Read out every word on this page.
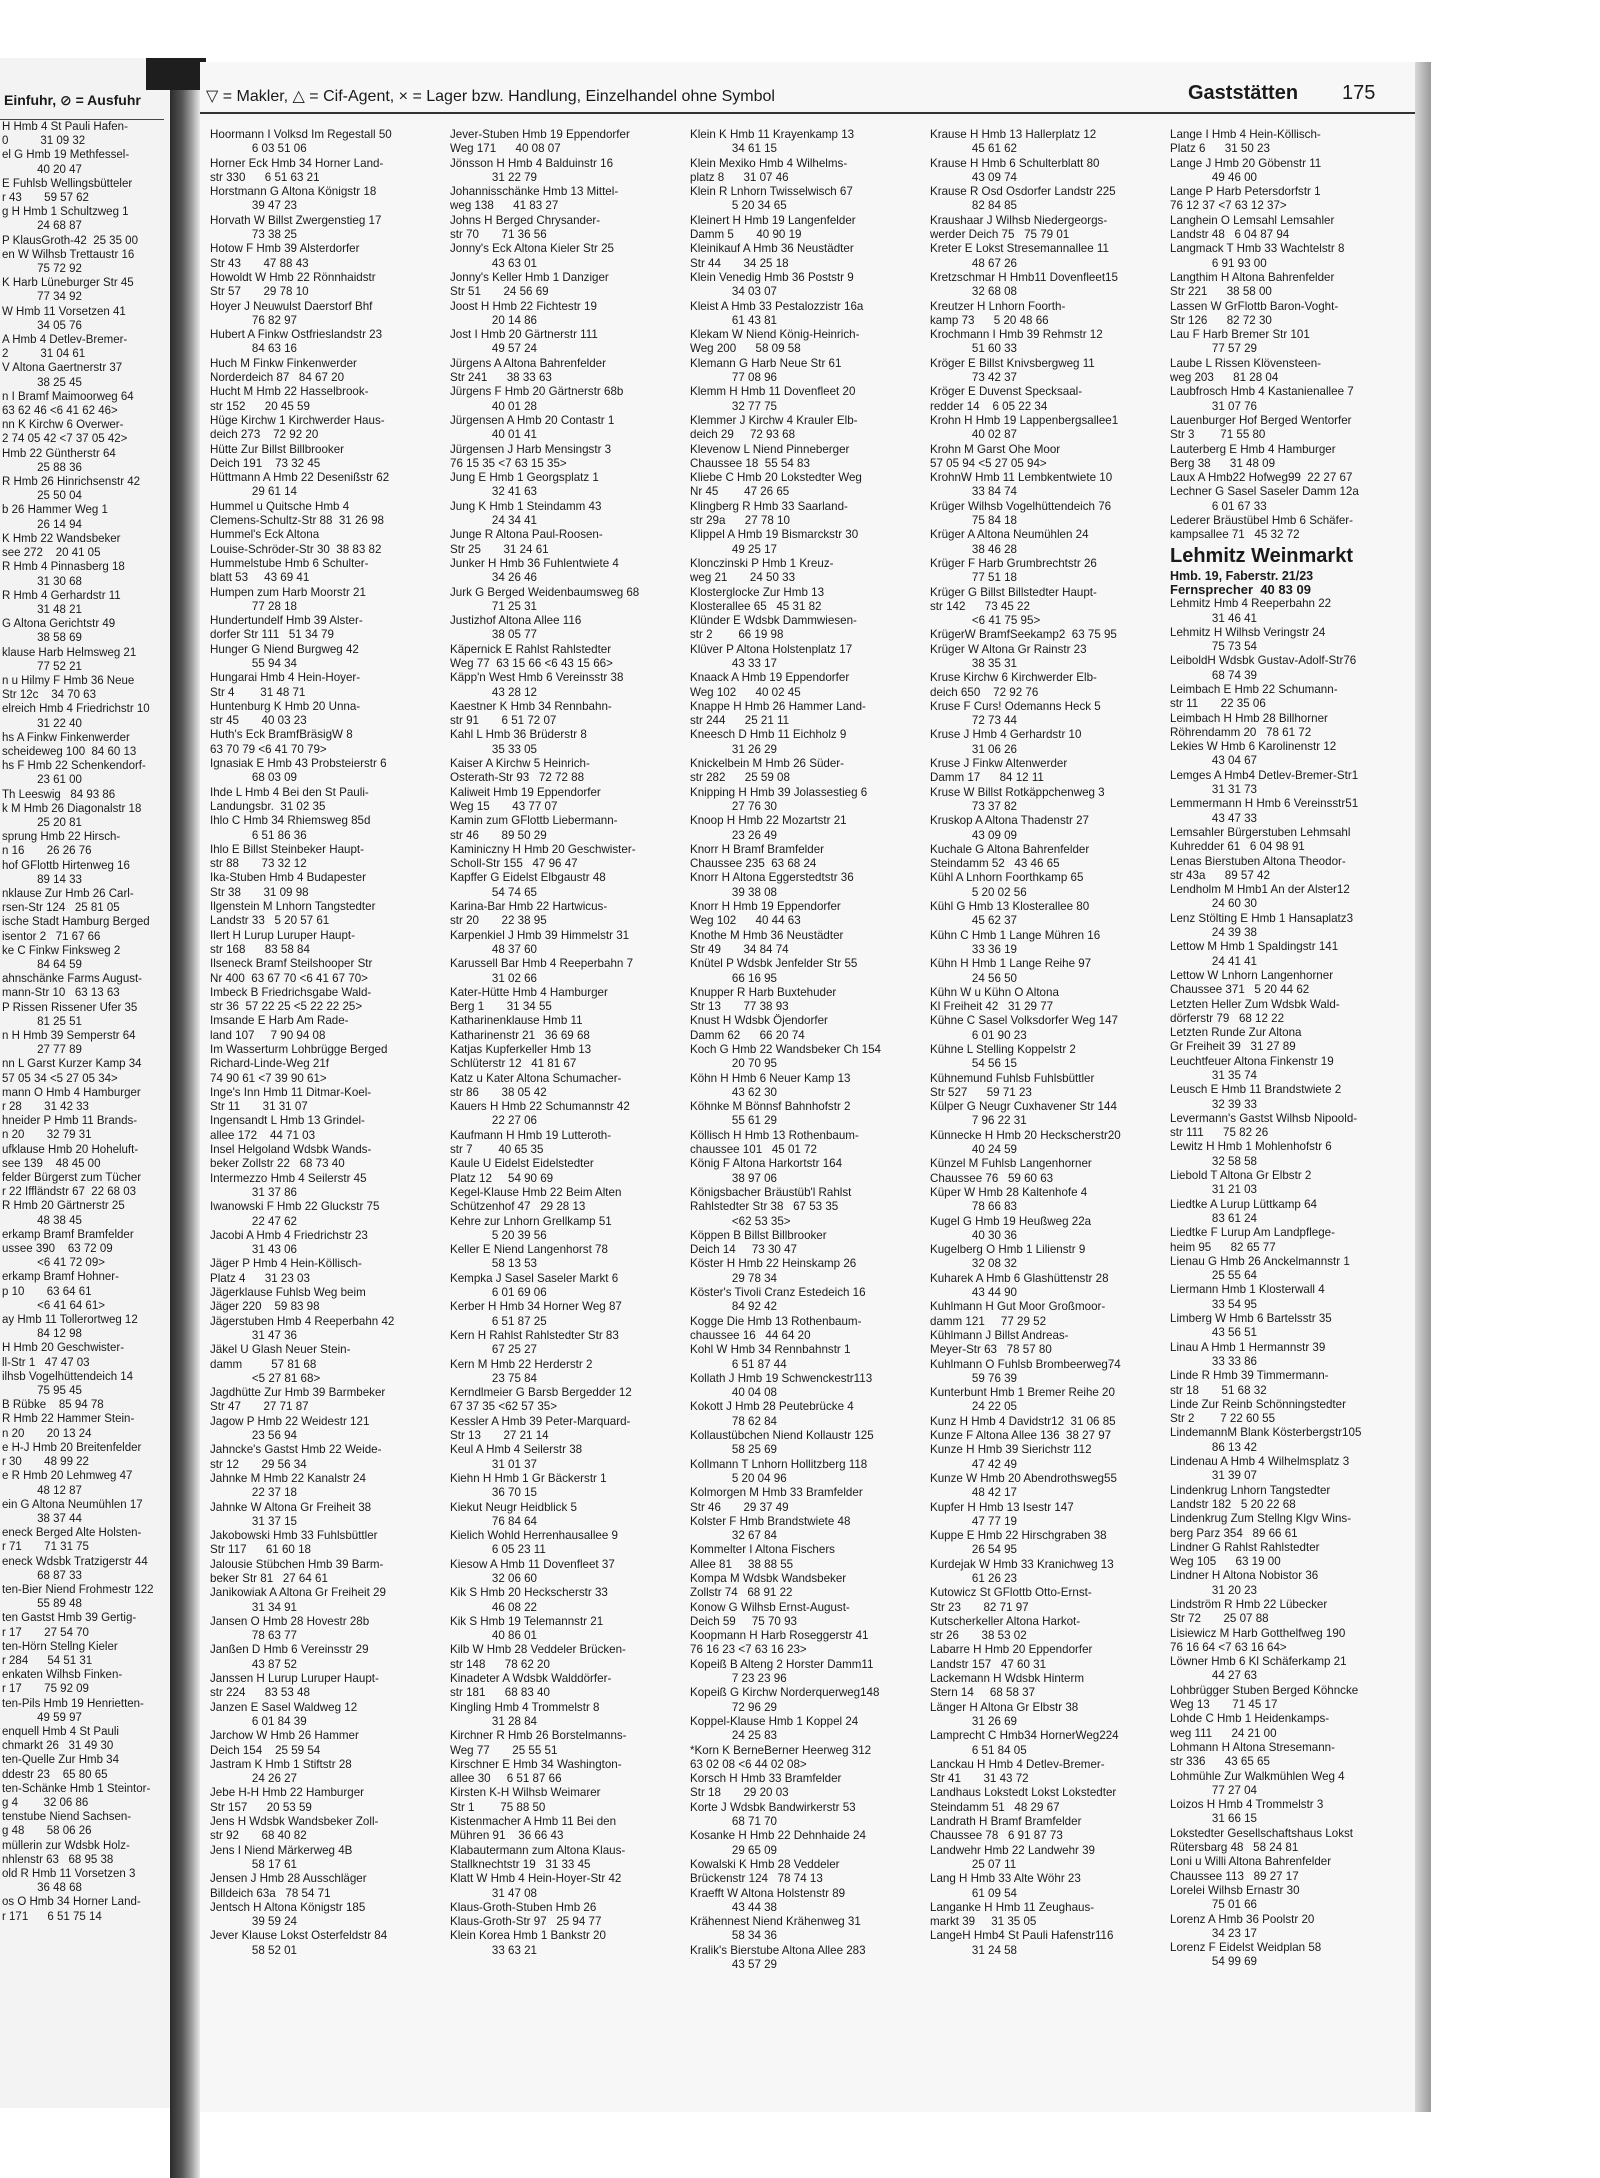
Einfuhr, ⊘ = Ausfuhr
H Hmb 4 St Pauli Hafen-
0          31 09 32
el G Hmb 19 Methfessel-
40 20 47
E Fuhlsb Wellingsbütteler
r 43       59 57 62
g H Hmb 1 Schultzweg 1
24 68 87
P KlausGroth-42  25 35 00
en W Wilhsb Trettaustr 16
75 72 92
K Harb Lüneburger Str 45
77 34 92
W Hmb 11 Vorsetzen 41
34 05 76
A Hmb 4 Detlev-Bremer-
2          31 04 61
V Altona Gaertnerstr 37
38 25 45
n I Bramf Maimoorweg 64
63 62 46 <6 41 62 46>
nn K Kirchw 6 Overwer-
2 74 05 42 <7 37 05 42>
Hmb 22 Güntherstr 64
25 88 36
R Hmb 26 Hinrichsenstr 42
25 50 04
b 26 Hammer Weg 1
26 14 94
K Hmb 22 Wandsbeker
see 272    20 41 05
R Hmb 4 Pinnasberg 18
31 30 68
R Hmb 4 Gerhardstr 11
31 48 21
G Altona Gerichtstr 49
38 58 69
klause Harb Helmsweg 21
77 52 21
n u Hilmy F Hmb 36 Neue
Str 12c    34 70 63
elreich Hmb 4 Friedrichstr 10
31 22 40
hs A Finkw Finkenwerder
scheideweg 100  84 60 13
hs F Hmb 22 Schenkendorf-
23 61 00
Th Leeswig   84 93 86
k M Hmb 26 Diagonalstr 18
25 20 81
sprung Hmb 22 Hirsch-
n 16       26 26 76
hof GFlottb Hirtenweg 16
89 14 33
nklause Zur Hmb 26 Carl-
rsen-Str 124   25 81 05
ische Stadt Hamburg Berged
isentor 2   71 67 66
ke C Finkw Finksweg 2
84 64 59
ahnschänke Farms August-
mann-Str 10   63 13 63
P Rissen Rissener Ufer 35
81 25 51
n H Hmb 39 Semperstr 64
27 77 89
nn L Garst Kurzer Kamp 34
57 05 34 <5 27 05 34>
mann O Hmb 4 Hamburger
r 28       31 42 33
hneider P Hmb 11 Brands-
n 20       32 79 31
ufklause Hmb 20 Hoheluft-
see 139    48 45 00
felder Bürgerst zum Tücher
r 22 Iffländstr 67  22 68 03
R Hmb 20 Gärtnerstr 25
48 38 45
erkamp Bramf Bramfelder
ussee 390    63 72 09
<6 41 72 09>
erkamp Bramf Hohner-
p 10       63 64 61
<6 41 64 61>
ay Hmb 11 Tollerortweg 12
84 12 98
H Hmb 20 Geschwister-
ll-Str 1   47 47 03
ilhsb Vogelhüttendeich 14
75 95 45
B Rübke    85 94 78
R Hmb 22 Hammer Stein-
n 20       20 13 24
e H-J Hmb 20 Breitenfelder
r 30       48 99 22
e R Hmb 20 Lehmweg 47
48 12 87
ein G Altona Neumühlen 17
38 37 44
eneck Berged Alte Holsten-
r 71       71 31 75
eneck Wdsbk Tratzigerstr 44
68 87 33
ten-Bier Niend Frohmestr 122
55 89 48
ten Gastst Hmb 39 Gertig-
r 17       27 54 70
ten-Hörn Stellng Kieler
r 284      54 51 31
enkaten Wilhsb Finken-
r 17       75 92 09
ten-Pils Hmb 19 Henrietten-
49 59 97
enquell Hmb 4 St Pauli
chmarkt 26   31 49 30
ten-Quelle Zur Hmb 34
ddestr 23    65 80 65
ten-Schänke Hmb 1 Steintor-
g 4        32 06 86
tenstube Niend Sachsen-
g 48       58 06 26
müllerin zur Wdsbk Holz-
nhlenstr 63   68 95 38
old R Hmb 11 Vorsetzen 3
36 48 68
os O Hmb 34 Horner Land-
r 171      6 51 75 14
▽ = Makler, △ = Cif-Agent, × = Lager bzw. Handlung, Einzelhandel ohne Symbol	Gaststätten 175
Hoormann I Volksd Im Regestall 50
6 03 51 06
Horner Eck Hmb 34 Horner Land-
str 330      6 51 63 21
Horstmann G Altona Königstr 18
39 47 23
Horvath W Billst Zwergenstieg 17
73 38 25
Hotow F Hmb 39 Alsterdorfer
Str 43       47 88 43
Howoldt W Hmb 22 Rönnhaidstr
Str 57       29 78 10
Hoyer J Neuwulst Daerstorf Bhf
76 82 97
Hubert A Finkw Ostfrieslandstr 23
84 63 16
Huch M Finkw Finkenwerder
Norderdeich 87   84 67 20
Hucht M Hmb 22 Hasselbrook-
str 152      20 45 59
Hüge Kirchw 1 Kirchwerder Haus-
deich 273    72 92 20
Hütte Zur Billst Billbrooker
Deich 191    73 32 45
Hüttmann A Hmb 22 Desenißstr 62
29 61 14
Hummel u Quitsche Hmb 4
Clemens-Schultz-Str 88  31 26 98
Hummel's Eck Altona
Louise-Schröder-Str 30  38 83 82
Hummelstube Hmb 6 Schulter-
blatt 53     43 69 41
Humpen zum Harb Moorstr 21
77 28 18
Hundertundelf Hmb 39 Alster-
dorfer Str 111   51 34 79
Hunger G Niend Burgweg 42
55 94 34
Hungarai Hmb 4 Hein-Hoyer-
Str 4        31 48 71
Huntenburg K Hmb 20 Unna-
str 45       40 03 23
Huth's Eck BramfBräsigW 8
63 70 79 <6 41 70 79>
Ignasiak E Hmb 43 Probsteierstr 6
68 03 09
Ihde L Hmb 4 Bei den St Pauli-
Landungsbr.  31 02 35
Ihlo C Hmb 34 Rhiemsweg 85d
6 51 86 36
Ihlo E Billst Steinbeker Haupt-
str 88       73 32 12
Ika-Stuben Hmb 4 Budapester
Str 38       31 09 98
Ilgenstein M Lnhorn Tangstedter
Landstr 33   5 20 57 61
Ilert H Lurup Luruper Haupt-
str 168      83 58 84
Ilseneck Bramf Steilshooper Str
Nr 400  63 67 70 <6 41 67 70>
Imbeck B Friedrichsgabe Wald-
str 36  57 22 25 <5 22 22 25>
Imsande E Harb Am Rade-
land 107     7 90 94 08
Im Wasserturm Lohbrügge Berged
Richard-Linde-Weg 21f
74 90 61 <7 39 90 61>
Inge's Inn Hmb 11 Ditmar-Koel-
Str 11       31 31 07
Ingensandt L Hmb 13 Grindel-
allee 172    44 71 03
Insel Helgoland Wdsbk Wands-
beker Zollstr 22   68 73 40
Intermezzo Hmb 4 Seilerstr 45
31 37 86
Iwanowski F Hmb 22 Gluckstr 75
22 47 62
Jacobi A Hmb 4 Friedrichstr 23
31 43 06
Jäger P Hmb 4 Hein-Köllisch-
Platz 4      31 23 03
Jägerklause Fuhlsb Weg beim
Jäger 220    59 83 98
Jägerstuben Hmb 4 Reeperbahn 42
31 47 36
Jäkel U Glash Neuer Stein-
damm         57 81 68
<5 27 81 68>
Jagdhütte Zur Hmb 39 Barmbeker
Str 47       27 71 87
Jagow P Hmb 22 Weidestr 121
23 56 94
Jahncke's Gastst Hmb 22 Weide-
str 12       29 56 34
Jahnke M Hmb 22 Kanalstr 24
22 37 18
Jahnke W Altona Gr Freiheit 38
31 37 15
Jakobowski Hmb 33 Fuhlsbüttler
Str 117      61 60 18
Jalousie Stübchen Hmb 39 Barm-
beker Str 81   27 64 61
Janikowiak A Altona Gr Freiheit 29
31 34 91
Jansen O Hmb 28 Hovestr 28b
78 63 77
Janßen D Hmb 6 Vereinsstr 29
43 87 52
Janssen H Lurup Luruper Haupt-
str 224      83 53 48
Janzen E Sasel Waldweg 12
6 01 84 39
Jarchow W Hmb 26 Hammer
Deich 154    25 59 54
Jastram K Hmb 1 Stiftstr 28
24 26 27
Jebe H-H Hmb 22 Hamburger
Str 157      20 53 59
Jens H Wdsbk Wandsbeker Zoll-
str 92       68 40 82
Jens I Niend Märkerweg 4B
58 17 61
Jensen J Hmb 28 Ausschläger
Billdeich 63a   78 54 71
Jentsch H Altona Königstr 185
39 59 24
Jever Klause Lokst Osterfeldstr 84
58 52 01
Jever-Stuben Hmb 19 Eppendorfer
Weg 171      40 08 07
Jönsson H Hmb 4 Balduinstr 16
31 22 79
Johannisschänke Hmb 13 Mittel-
weg 138      41 83 27
Johns H Berged Chrysander-
str 70       71 36 56
Jonny's Eck Altona Kieler Str 25
43 63 01
Jonny's Keller Hmb 1 Danziger
Str 51       24 56 69
Joost H Hmb 22 Fichtestr 19
20 14 86
Jost I Hmb 20 Gärtnerstr 111
49 57 24
Jürgens A Altona Bahrenfelder
Str 241      38 33 63
Jürgens F Hmb 20 Gärtnerstr 68b
40 01 28
Jürgensen A Hmb 20 Contastr 1
40 01 41
Jürgensen J Harb Mensingstr 3
76 15 35 <7 63 15 35>
Jung E Hmb 1 Georgsplatz 1
32 41 63
Jung K Hmb 1 Steindamm 43
24 34 41
Junge R Altona Paul-Roosen-
Str 25       31 24 61
Junker H Hmb 36 Fuhlentwiete 4
34 26 46
Jurk G Berged Weidenbaumsweg 68
71 25 31
Justizhof Altona Allee 116
38 05 77
Käpernick E Rahlst Rahlstedter
Weg 77  63 15 66 <6 43 15 66>
Käpp'n West Hmb 6 Vereinsstr 38
43 28 12
Kaestner K Hmb 34 Rennbahn-
str 91       6 51 72 07
Kahl L Hmb 36 Brüderstr 8
35 33 05
Kaiser A Kirchw 5 Heinrich-
Osterath-Str 93   72 72 88
Kaliweit Hmb 19 Eppendorfer
Weg 15       43 77 07
Kamin zum GFlottb Liebermann-
str 46       89 50 29
Kaminiczny H Hmb 20 Geschwister-
Scholl-Str 155   47 96 47
Kapffer G Eidelst Elbgaustr 48
54 74 65
Karina-Bar Hmb 22 Hartwicus-
str 20       22 38 95
Karpenkiel J Hmb 39 Himmelstr 31
48 37 60
Karussell Bar Hmb 4 Reeperbahn 7
31 02 66
Kater-Hütte Hmb 4 Hamburger
Berg 1       31 34 55
Katharinenklause Hmb 11
Katharinenstr 21   36 69 68
Katjas Kupferkeller Hmb 13
Schlüterstr 12   41 81 67
Katz u Kater Altona Schumacher-
str 86       38 05 42
Kauers H Hmb 22 Schumannstr 42
22 27 06
Kaufmann H Hmb 19 Lutteroth-
str 7        40 65 35
Kaule U Eidelst Eidelstedter
Platz 12     54 90 69
Kegel-Klause Hmb 22 Beim Alten
Schützenhof 47   29 28 13
Kehre zur Lnhorn Grellkamp 51
5 20 39 56
Keller E Niend Langenhorst 78
58 13 53
Kempka J Sasel Saseler Markt 6
6 01 69 06
Kerber H Hmb 34 Horner Weg 87
6 51 87 25
Kern H Rahlst Rahlstedter Str 83
67 25 27
Kern M Hmb 22 Herderstr 2
23 75 84
Kerndlmeier G Barsb Bergedder 12
67 37 35 <62 57 35>
Kessler A Hmb 39 Peter-Marquard-
Str 13       27 21 14
Keul A Hmb 4 Seilerstr 38
31 01 37
Kiehn H Hmb 1 Gr Bäckerstr 1
36 70 15
Kiekut Neugr Heidblick 5
76 84 64
Kielich Wohld Herrenhausallee 9
6 05 23 11
Kiesow A Hmb 11 Dovenfleet 37
32 06 60
Kik S Hmb 20 Heckscherstr 33
46 08 22
Kik S Hmb 19 Telemannstr 21
40 86 01
Kilb W Hmb 28 Veddeler Brücken-
str 148      78 62 20
Kinadeter A Wdsbk Walddörfer-
str 181      68 83 40
Kingling Hmb 4 Trommelstr 8
31 28 84
Kirchner R Hmb 26 Borstelmanns-
Weg 77       25 55 51
Kirschner E Hmb 34 Washington-
allee 30     6 51 87 66
Kirsten K-H Wilhsb Weimarer
Str 1        75 88 50
Kistenmacher A Hmb 11 Bei den
Mühren 91    36 66 43
Klabautermann zum Altona Klaus-
Stallknechtstr 19   31 33 45
Klatt W Hmb 4 Hein-Hoyer-Str 42
31 47 08
Klaus-Groth-Stuben Hmb 26
Klaus-Groth-Str 97   25 94 77
Klein Korea Hmb 1 Bankstr 20
33 63 21
Klein K Hmb 11 Krayenkamp 13
34 61 15
Klein Mexiko Hmb 4 Wilhelms-
platz 8      31 07 46
Klein R Lnhorn Twisselwisch 67
5 20 34 65
Kleinert H Hmb 19 Langenfelder
Damm 5       40 90 19
Kleinikauf A Hmb 36 Neustädter
Str 44       34 25 18
Klein Venedig Hmb 36 Poststr 9
34 03 07
Kleist A Hmb 33 Pestalozzistr 16a
61 43 81
Klekam W Niend König-Heinrich-
Weg 200      58 09 58
Klemann G Harb Neue Str 61
77 08 96
Klemm H Hmb 11 Dovenfleet 20
32 77 75
Klemmer J Kirchw 4 Krauler Elb-
deich 29     72 93 68
Klevenow L Niend Pinneberger
Chaussee 18  55 54 83
Kliebe C Hmb 20 Lokstedter Weg
Nr 45        47 26 65
Klingberg R Hmb 33 Saarland-
str 29a      27 78 10
Klippel A Hmb 19 Bismarckstr 30
49 25 17
Klonczinski P Hmb 1 Kreuz-
weg 21       24 50 33
Klosterglocke Zur Hmb 13
Klosterallee 65   45 31 82
Klünder E Wdsbk Dammwiesen-
str 2        66 19 98
Klüver P Altona Holstenplatz 17
43 33 17
Knaack A Hmb 19 Eppendorfer
Weg 102      40 02 45
Knappe H Hmb 26 Hammer Land-
str 244      25 21 11
Kneesch D Hmb 11 Eichholz 9
31 26 29
Knickelbein M Hmb 26 Süder-
str 282      25 59 08
Knipping H Hmb 39 Jolassestieg 6
27 76 30
Knoop H Hmb 22 Mozartstr 21
23 26 49
Knorr H Bramf Bramfelder
Chaussee 235  63 68 24
Knorr H Altona Eggerstedtstr 36
39 38 08
Knorr H Hmb 19 Eppendorfer
Weg 102      40 44 63
Knothe M Hmb 36 Neustädter
Str 49       34 84 74
Knütel P Wdsbk Jenfelder Str 55
66 16 95
Knupper R Harb Buxtehuder
Str 13       77 38 93
Knust H Wdsbk Öjendorfer
Damm 62      66 20 74
Koch G Hmb 22 Wandsbeker Ch 154
20 70 95
Köhn H Hmb 6 Neuer Kamp 13
43 62 30
Köhnke M Bönnsf Bahnhofstr 2
55 61 29
Köllisch H Hmb 13 Rothenbaum-
chaussee 101   45 01 72
König F Altona Harkortstr 164
38 97 06
Königsbacher Bräustüb'l Rahlst
Rahlstedter Str 38   67 53 35
<62 53 35>
Köppen B Billst Billbrooker
Deich 14     73 30 47
Köster H Hmb 22 Heinskamp 26
29 78 34
Köster's Tivoli Cranz Estedeich 16
84 92 42
Kogge Die Hmb 13 Rothenbaum-
chaussee 16   44 64 20
Kohl W Hmb 34 Rennbahnstr 1
6 51 87 44
Kollath J Hmb 19 Schwenckestr113
40 04 08
Kokott J Hmb 28 Peutebrücke 4
78 62 84
Kollaustübchen Niend Kollaustr 125
58 25 69
Kollmann T Lnhorn Hollitzberg 118
5 20 04 96
Kolmorgen M Hmb 33 Bramfelder
Str 46       29 37 49
Kolster F Hmb Brandstwiete 48
32 67 84
Kommelter I Altona Fischers
Allee 81     38 88 55
Kompa M Wdsbk Wandsbeker
Zollstr 74   68 91 22
Konow G Wilhsb Ernst-August-
Deich 59     75 70 93
Koopmann H Harb Roseggerstr 41
76 16 23 <7 63 16 23>
Kopeiß B Alteng 2 Horster Damm11
7 23 23 96
Kopeiß G Kirchw Norderquerweg148
72 96 29
Koppel-Klause Hmb 1 Koppel 24
24 25 83
*Korn K BerneBerner Heerweg 312
63 02 08 <6 44 02 08>
Korsch H Hmb 33 Bramfelder
Str 18       29 20 03
Korte J Wdsbk Bandwirkerstr 53
68 71 70
Kosanke H Hmb 22 Dehnhaide 24
29 65 09
Kowalski K Hmb 28 Veddeler
Brückenstr 124   78 74 13
Kraefft W Altona Holstenstr 89
43 44 38
Krähennest Niend Krähenweg 31
58 34 36
Kralik's Bierstube Altona Allee 283
43 57 29
Krause H Hmb 13 Hallerplatz 12
45 61 62
Krause H Hmb 6 Schulterblatt 80
43 09 74
Krause R Osd Osdorfer Landstr 225
82 84 85
Kraushaar J Wilhsb Niedergeorgs-
werder Deich 75   75 79 01
Kreter E Lokst Stresemannallee 11
48 67 26
Kretzschmar H Hmb11 Dovenfleet15
32 68 08
Kreutzer H Lnhorn Foorth-
kamp 73      5 20 48 66
Krochmann I Hmb 39 Rehmstr 12
51 60 33
Kröger E Billst Knivsbergweg 11
73 42 37
Kröger E Duvenst Specksaal-
redder 14    6 05 22 34
Krohn H Hmb 19 Lappenbergsallee1
40 02 87
Krohn M Garst Ohe Moor
57 05 94 <5 27 05 94>
KrohnW Hmb 11 Lembkentwiete 10
33 84 74
Krüger Wilhsb Vogelhüttendeich 76
75 84 18
Krüger A Altona Neumühlen 24
38 46 28
Krüger F Harb Grumbrechtstr 26
77 51 18
Krüger G Billst Billstedter Haupt-
str 142      73 45 22
<6 41 75 95>
KrügerW BramfSeekamp2  63 75 95
Krüger W Altona Gr Rainstr 23
38 35 31
Kruse Kirchw 6 Kirchwerder Elb-
deich 650    72 92 76
Kruse F Curs! Odemanns Heck 5
72 73 44
Kruse J Hmb 4 Gerhardstr 10
31 06 26
Kruse J Finkw Altenwerder
Damm 17      84 12 11
Kruse W Billst Rotkäppchenweg 3
73 37 82
Kruskop A Altona Thadenstr 27
43 09 09
Kuchale G Altona Bahrenfelder
Steindamm 52   43 46 65
Kühl A Lnhorn Foorthkamp 65
5 20 02 56
Kühl G Hmb 13 Klosterallee 80
45 62 37
Kühn C Hmb 1 Lange Mühren 16
33 36 19
Kühn H Hmb 1 Lange Reihe 97
24 56 50
Kühn W u Kühn O Altona
Kl Freiheit 42   31 29 77
Kühne C Sasel Volksdorfer Weg 147
6 01 90 23
Kühne L Stelling Koppelstr 2
54 56 15
Kühnemund Fuhlsb Fuhlsbüttler
Str 527      59 71 23
Külper G Neugr Cuxhavener Str 144
7 96 22 31
Künnecke H Hmb 20 Heckscherstr20
40 24 59
Künzel M Fuhlsb Langenhorner
Chaussee 76   59 60 63
Küper W Hmb 28 Kaltenhofe 4
78 66 83
Kugel G Hmb 19 Heußweg 22a
40 30 36
Kugelberg O Hmb 1 Lilienstr 9
32 08 32
Kuharek A Hmb 6 Glashüttenstr 28
43 44 90
Kuhlmann H Gut Moor Großmoor-
damm 121     77 29 52
Kühlmann J Billst Andreas-
Meyer-Str 63   78 57 80
Kuhlmann O Fuhlsb Brombeerweg74
59 76 39
Kunterbunt Hmb 1 Bremer Reihe 20
24 22 05
Kunz H Hmb 4 Davidstr12  31 06 85
Kunze F Altona Allee 136  38 27 97
Kunze H Hmb 39 Sierichstr 112
47 42 49
Kunze W Hmb 20 Abendrothsweg55
48 42 17
Kupfer H Hmb 13 Isestr 147
47 77 19
Kuppe E Hmb 22 Hirschgraben 38
26 54 95
Kurdejak W Hmb 33 Kranichweg 13
61 26 23
Kutowicz St GFlottb Otto-Ernst-
Str 23       82 71 97
Kutscherkeller Altona Harkot-
str 26       38 53 02
Labarre H Hmb 20 Eppendorfer
Landstr 157   47 60 31
Lackemann H Wdsbk Hinterm
Stern 14     68 58 37
Länger H Altona Gr Elbstr 38
31 26 69
Lamprecht C Hmb34 HornerWeg224
6 51 84 05
Lanckau H Hmb 4 Detlev-Bremer-
Str 41       31 43 72
Landhaus Lokstedt Lokst Lokstedter
Steindamm 51   48 29 67
Landrath H Bramf Bramfelder
Chaussee 78   6 91 87 73
Landwehr Hmb 22 Landwehr 39
25 07 11
Lang H Hmb 33 Alte Wöhr 23
61 09 54
Langanke H Hmb 11 Zeughaus-
markt 39     31 35 05
LangeH Hmb4 St Pauli Hafenstr116
31 24 58
Lange I Hmb 4 Hein-Köllisch-
Platz 6      31 50 23
Lange J Hmb 20 Göbenstr 11
49 46 00
Lange P Harb Petersdorfstr 1
76 12 37 <7 63 12 37>
Langhein O Lemsahl Lemsahler
Landstr 48   6 04 87 94
Langmack T Hmb 33 Wachtelstr 8
6 91 93 00
Langthim H Altona Bahrenfelder
Str 221      38 58 00
Lassen W GrFlottb Baron-Voght-
Str 126      82 72 30
Lau F Harb Bremer Str 101
77 57 29
Laube L Rissen Klövensteen-
weg 203      81 28 04
Laubfrosch Hmb 4 Kastanienallee 7
31 07 76
Lauenburger Hof Berged Wentorfer
Str 3        71 55 80
Lauterberg E Hmb 4 Hamburger
Berg 38      31 48 09
Laux A Hmb22 Hofweg99  22 27 67
Lechner G Sasel Saseler Damm 12a
6 01 67 33
Lederer Bräustübel Hmb 6 Schäfer-
kampsallee 71   45 32 72
Lehmitz Weinmarkt
Hmb. 19, Faberstr. 21/23
Fernsprecher  40 83 09
Lehmitz Hmb 4 Reeperbahn 22
31 46 41
Lehmitz H Wilhsb Veringstr 24
75 73 54
LeiboldH Wdsbk Gustav-Adolf-Str76
68 74 39
Leimbach E Hmb 22 Schumann-
str 11       22 35 06
Leimbach H Hmb 28 Billhorner
Röhrendamm 20   78 61 72
Lekies W Hmb 6 Karolinenstr 12
43 04 67
Lemges A Hmb4 Detlev-Bremer-Str1
31 31 73
Lemmermann H Hmb 6 Vereinsstr51
43 47 33
Lemsahler Bürgerstuben Lehmsahl
Kuhredder 61   6 04 98 91
Lenas Bierstuben Altona Theodor-
str 43a      89 57 42
Lendholm M Hmb1 An der Alster12
24 60 30
Lenz Stölting E Hmb 1 Hansaplatz3
24 39 38
Lettow M Hmb 1 Spaldingstr 141
24 41 41
Lettow W Lnhorn Langenhorner
Chaussee 371   5 20 44 62
Letzten Heller Zum Wdsbk Wald-
dörferstr 79   68 12 22
Letzten Runde Zur Altona
Gr Freiheit 39   31 27 89
Leuchtfeuer Altona Finkenstr 19
31 35 74
Leusch E Hmb 11 Brandstwiete 2
32 39 33
Levermann's Gastst Wilhsb Nipoold-
str 111      75 82 26
Lewitz H Hmb 1 Mohlenhofstr 6
32 58 58
Liebold T Altona Gr Elbstr 2
31 21 03
Liedtke A Lurup Lüttkamp 64
83 61 24
Liedtke F Lurup Am Landpflege-
heim 95      82 65 77
Lienau G Hmb 26 Anckelmannstr 1
25 55 64
Liermann Hmb 1 Klosterwall 4
33 54 95
Limberg W Hmb 6 Bartelsstr 35
43 56 51
Linau A Hmb 1 Hermannstr 39
33 33 86
Linde R Hmb 39 Timmermann-
str 18       51 68 32
Linde Zur Reinb Schönningstedter
Str 2        7 22 60 55
LindemannM Blank Kösterbergstr105
86 13 42
Lindenau A Hmb 4 Wilhelmsplatz 3
31 39 07
Lindenkrug Lnhorn Tangstedter
Landstr 182   5 20 22 68
Lindenkrug Zum Stellng Klgv Wins-
berg Parz 354   89 66 61
Lindner G Rahlst Rahlstedter
Weg 105      63 19 00
Lindner H Altona Nobistor 36
31 20 23
Lindström R Hmb 22 Lübecker
Str 72       25 07 88
Lisiewicz M Harb Gotthelfweg 190
76 16 64 <7 63 16 64>
Löwner Hmb 6 Kl Schäferkamp 21
44 27 63
Lohbrügger Stuben Berged Köhncke
Weg 13       71 45 17
Lohde C Hmb 1 Heidenkamps-
weg 111      24 21 00
Lohmann H Altona Stresemann-
str 336      43 65 65
Lohmühle Zur Walkmühlen Weg 4
77 27 04
Loizos H Hmb 4 Trommelstr 3
31 66 15
Lokstedter Gesellschaftshaus Lokst
Rütersbarg 48   58 24 81
Loni u Willi Altona Bahrenfelder
Chaussee 113   89 27 17
Lorelei Wilhsb Ernastr 30
75 01 66
Lorenz A Hmb 36 Poolstr 20
34 23 17
Lorenz F Eidelst Weidplan 58
54 99 69
